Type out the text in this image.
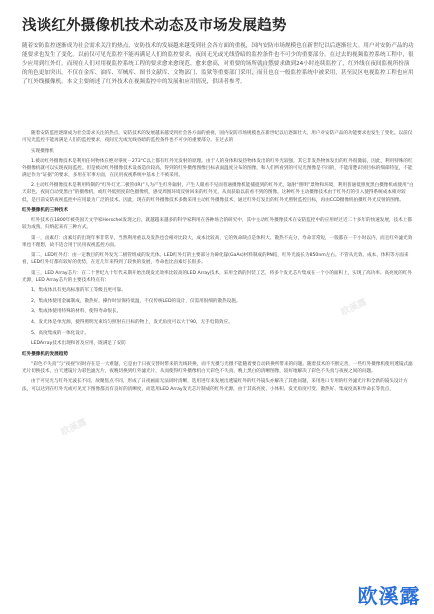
欧溪露
欧溪露
欧溪露
浅谈红外摄像机技术动态及市场发展趋势
随着安防监控逐渐成为社会需求关注的热点，安防技术的发展越来越受到社会各方面的重视，国内安防市场规模也在新世纪以后逐渐壮大。用户对安防产品的功能要求也发生了变化。以前仅可见光监控不能再满足人们的监控要求，夜间无光或光线昏暗的监控条件也不可少的重要部分。在过去的视频监控系统工程中，很少应用到红外灯，而现在人们对用视监控系统工程的要求愈来愈现范、愈来愈高，对重要的场所就自然要求做到24小时连续监控了，红外线在夜间监视所扮演的角色更加突出，不仅在金库、油库、军械库、图书文献库、文物部门、监狱等重要部门采用，而且也在一般监控系统中被采用，甚至民区电视监控工程也应用了红外线摄像机。本文主要阐述了红外技术在视频监控中的发展和应用情况，供读者参考。

随着安防监控逐渐成为社会需求关注的热点，安防技术的发展越来越受到社会各方面的重视，国内安防市场规模也在新世纪以后逐渐壮大。用户对安防产品的功能要求也发生了变化。以前仅可见光监控不能再满足人们的监控要求，夜间无光或光线昏暗的监控条件也不可少的重要部分。在过去的

实现摄像机

1.被动红外摄像技术是利用任何物体在绝对零度－273°C以上都有红外光发射的原理。由于人的身体和发热物体发出的红外光较强，其它非发热物体发出的红外很微弱，因此，利用特殊的红外摄像机就可以实现夜间监控。但是被动红外摄像技术设备造价较高，得到的红外摄像图像目标表面温度分布的图像，和人们所看到的可见光图像是不同的，不能清楚识别目标的细部特征，不能满足作为“证据”的要求，多用在军事方面，在民用夜视系统中基本上不被采用。

2.主动红外摄像技术是利用特制的“红外灯光二极管(IR)”人为产生红外辐射，产生人眼看不见而普通摄像机能捕捉到的红外光，辐射“照明”景物和环境，利用普通低照度黑白摄像机或使用“白天彩色，夜间自动变黑白”的摄像机，或红外低照度彩色摄像机，感受周围环境反射回来的红外光，从而获取以前看不到的图像。这种红外主动摄像技术由于红外灯的引入使得系统成本相对较低，是目前安防夜视监控中应用最为广泛的技术。因此，现在的红外摄像技术多数采用主动红外摄像技术，通过红外灯发出的红外光照射监控目标，再由CCD摄像机拍摄红外光反射的图像。

红外摄像机的三种技术

红外技术在1800年被英国天文学家Herschel发现之后，就越越来越多的科学家利用在各种场合的研究中，其中主动红外摄像技术在安防监控中的应用经过近二十多年的快速发展，技术上都较为成熟，归纳起来有三种方式。

第一，卤素灯：卤素灯的出现年事非常早，当然利用重以及发热也会相对比较大，成本比较高，它的致命缺点是体积大、散热不充分，寿命非常短，一般都在一千小时以内，而且红外滤光效果也不理想，故不适合用于民用夜视监控方面。

第二，LED红外灯：由一定数目的红外发光二极管组成的发光体。LED红外灯的主要部分为砷化镓(GaAs)材料制成的PN结，红外光波长为850nm左右。不管从光效、成本、体积等方面来看，LED红外灯都有较好的优势，在近几年来得到了较快的发展，寿命也比卤素灯长很多。

第三，LED Array芯片：在二十世纪九十年代末期开始出现发光效率比较高的LED Array技术，采用全新的封装工艺，将多个发光芯片集成在一个小的面积上，实现了高功率、高亮度的红外光源，LED Array芯片的主要技术特点有：

1、集成体具有更高标准的军工等级且更可靠。

2、集成体使用金属制成，散热好，操作时显保持低温，不仅传统LED的设计，仅需用很细的散热设施。

3、集成体使用特殊的材料，使得寿命很长。

4、发光体是单光源，使得照明光束均匀照射在目标的物上，发光角度可以大于90，无手电筒效应。

5、高度集成的一体化设计。

LEDArray技术出现和普及应用，既满足了安防

红外摄像机的发展趋势

“彩色不失真”与“夜视”同时存在是一大难题，它是由于日夜交替时带来的光线转换，而不光摄与光摄不能随着要自动转换所带来的问题。随着技术的不断完善，一些红外摄像机使用透镜式滤光片切换技术，白天透镜片为彩色滤光片，夜晚切换到红外滤光片，从而使得红外摄像机白天彩色不失真，晚上黑白的清晰图像，较好地解决了彩色不失真与夜视之间的问题。

由于可见光与红外光波长不同，故聚焦点不同，形成了日夜画面无法同时清晰，选用进年来发展出透镜红外的红外镜头亦解决了其他问题，采用进口专用的红外滤光片和全新的镜头设计方法，可以达到在红外光或可见光下图像都具有良好的清晰度，而选用LED Array发光芯片制成的红外光源，由于其高亮度、小体积、发光角度可变、散热好、集成度高和寿命长等优点，

欧溪露
